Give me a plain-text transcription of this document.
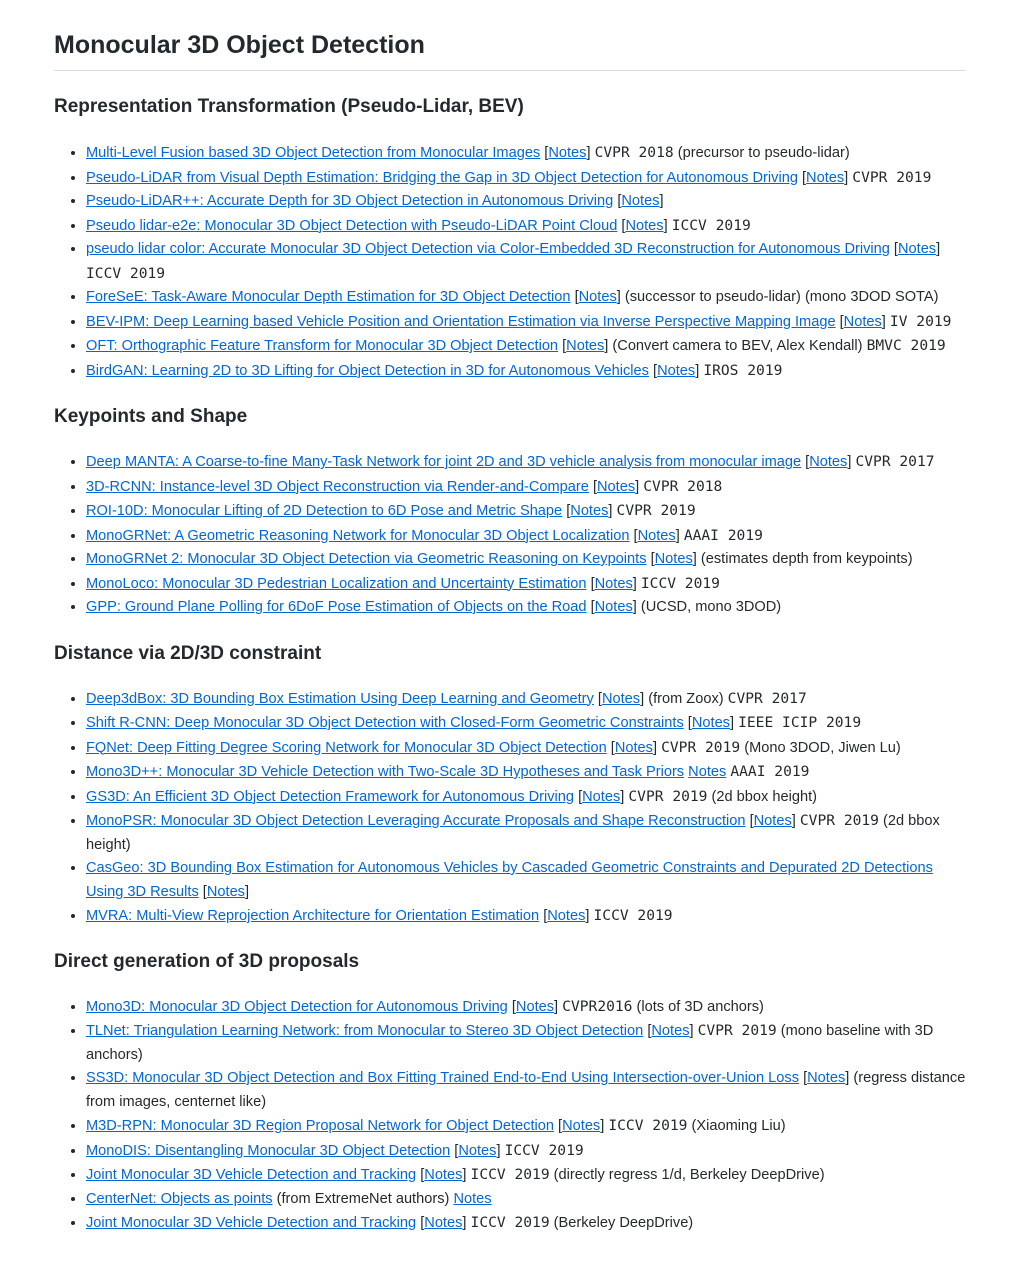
Monocular 3D Object Detection
Representation Transformation (Pseudo-Lidar, BEV)
• Multi-Level Fusion based 3D Object Detection from Monocular Images [Notes] CVPR 2018 (precursor to pseudo-lidar)
• Pseudo-LiDAR from Visual Depth Estimation: Bridging the Gap in 3D Object Detection for Autonomous Driving [Notes] CVPR 2019
• Pseudo-LiDAR++: Accurate Depth for 3D Object Detection in Autonomous Driving [Notes]
• Pseudo lidar-e2e: Monocular 3D Object Detection with Pseudo-LiDAR Point Cloud [Notes] ICCV 2019
• pseudo lidar color: Accurate Monocular 3D Object Detection via Color-Embedded 3D Reconstruction for Autonomous Driving [Notes] ICCV 2019
• ForeSeE: Task-Aware Monocular Depth Estimation for 3D Object Detection [Notes] (successor to pseudo-lidar) (mono 3DOD SOTA)
• BEV-IPM: Deep Learning based Vehicle Position and Orientation Estimation via Inverse Perspective Mapping Image [Notes] IV 2019
• OFT: Orthographic Feature Transform for Monocular 3D Object Detection [Notes] (Convert camera to BEV, Alex Kendall) BMVC 2019
• BirdGAN: Learning 2D to 3D Lifting for Object Detection in 3D for Autonomous Vehicles [Notes] IROS 2019
Keypoints and Shape
• Deep MANTA: A Coarse-to-fine Many-Task Network for joint 2D and 3D vehicle analysis from monocular image [Notes] CVPR 2017
• 3D-RCNN: Instance-level 3D Object Reconstruction via Render-and-Compare [Notes] CVPR 2018
• ROI-10D: Monocular Lifting of 2D Detection to 6D Pose and Metric Shape [Notes] CVPR 2019
• MonoGRNet: A Geometric Reasoning Network for Monocular 3D Object Localization [Notes] AAAI 2019
• MonoGRNet 2: Monocular 3D Object Detection via Geometric Reasoning on Keypoints [Notes] (estimates depth from keypoints)
• MonoLoco: Monocular 3D Pedestrian Localization and Uncertainty Estimation [Notes] ICCV 2019
• GPP: Ground Plane Polling for 6DoF Pose Estimation of Objects on the Road [Notes] (UCSD, mono 3DOD)
Distance via 2D/3D constraint
• Deep3dBox: 3D Bounding Box Estimation Using Deep Learning and Geometry [Notes] (from Zoox) CVPR 2017
• Shift R-CNN: Deep Monocular 3D Object Detection with Closed-Form Geometric Constraints [Notes] IEEE ICIP 2019
• FQNet: Deep Fitting Degree Scoring Network for Monocular 3D Object Detection [Notes] CVPR 2019 (Mono 3DOD, Jiwen Lu)
• Mono3D++: Monocular 3D Vehicle Detection with Two-Scale 3D Hypotheses and Task Priors Notes AAAI 2019
• GS3D: An Efficient 3D Object Detection Framework for Autonomous Driving [Notes] CVPR 2019 (2d bbox height)
• MonoPSR: Monocular 3D Object Detection Leveraging Accurate Proposals and Shape Reconstruction [Notes] CVPR 2019 (2d bbox height)
• CasGeo: 3D Bounding Box Estimation for Autonomous Vehicles by Cascaded Geometric Constraints and Depurated 2D Detections Using 3D Results [Notes]
• MVRA: Multi-View Reprojection Architecture for Orientation Estimation [Notes] ICCV 2019
Direct generation of 3D proposals
• Mono3D: Monocular 3D Object Detection for Autonomous Driving [Notes] CVPR2016 (lots of 3D anchors)
• TLNet: Triangulation Learning Network: from Monocular to Stereo 3D Object Detection [Notes] CVPR 2019 (mono baseline with 3D anchors)
• SS3D: Monocular 3D Object Detection and Box Fitting Trained End-to-End Using Intersection-over-Union Loss [Notes] (regress distance from images, centernet like)
• M3D-RPN: Monocular 3D Region Proposal Network for Object Detection [Notes] ICCV 2019 (Xiaoming Liu)
• MonoDIS: Disentangling Monocular 3D Object Detection [Notes] ICCV 2019
• Joint Monocular 3D Vehicle Detection and Tracking [Notes] ICCV 2019 (directly regress 1/d, Berkeley DeepDrive)
• CenterNet: Objects as points (from ExtremeNet authors) Notes
• Joint Monocular 3D Vehicle Detection and Tracking [Notes] ICCV 2019 (Berkeley DeepDrive)
